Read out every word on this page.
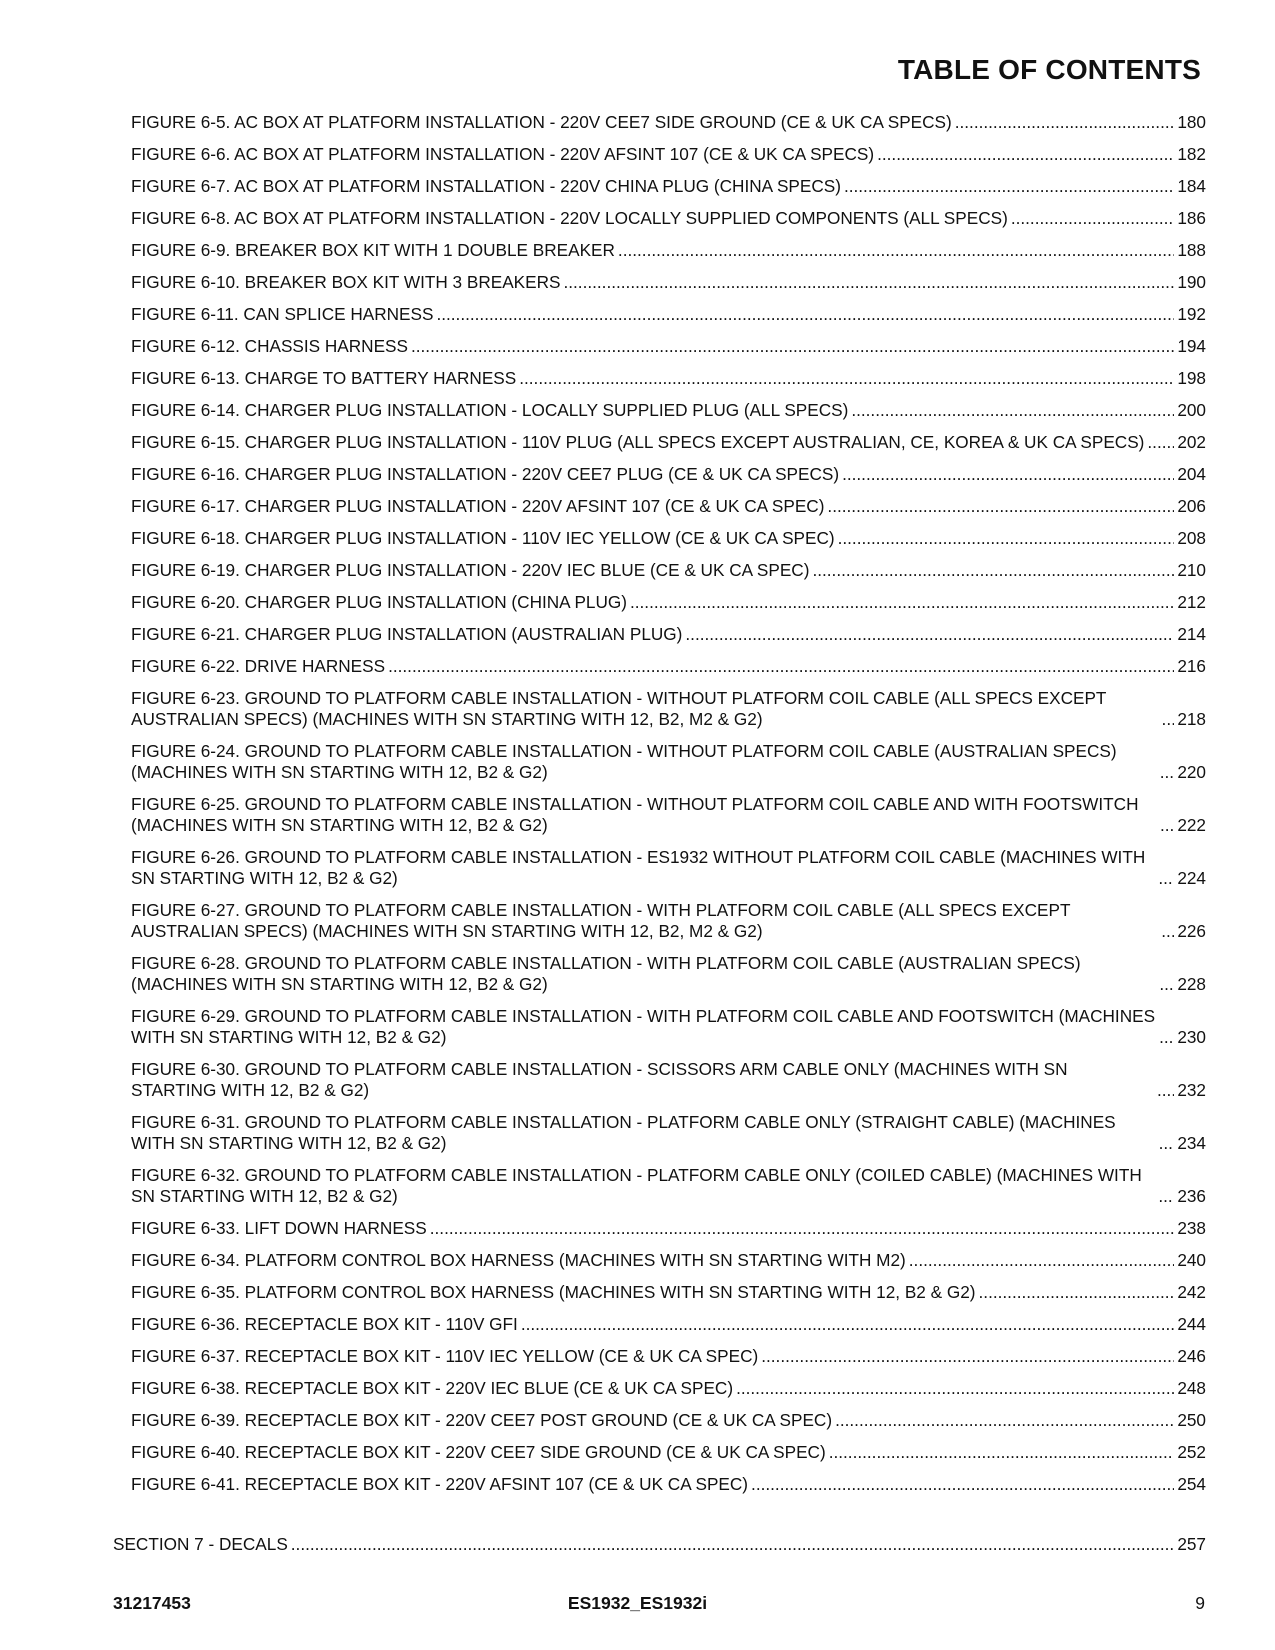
TABLE OF CONTENTS
FIGURE 6-5. AC BOX AT PLATFORM INSTALLATION - 220V CEE7 SIDE GROUND (CE & UK CA SPECS) .....	180
FIGURE 6-6. AC BOX AT PLATFORM INSTALLATION - 220V AFSINT 107 (CE & UK CA SPECS) .....	182
FIGURE 6-7. AC BOX AT PLATFORM INSTALLATION - 220V CHINA PLUG (CHINA SPECS) .....	184
FIGURE 6-8. AC BOX AT PLATFORM INSTALLATION - 220V LOCALLY SUPPLIED COMPONENTS (ALL SPECS) .....	186
FIGURE 6-9. BREAKER BOX KIT WITH 1 DOUBLE BREAKER .....	188
FIGURE 6-10. BREAKER BOX KIT WITH 3 BREAKERS .....	190
FIGURE 6-11. CAN SPLICE HARNESS .....	192
FIGURE 6-12. CHASSIS HARNESS .....	194
FIGURE 6-13. CHARGE TO BATTERY HARNESS .....	198
FIGURE 6-14. CHARGER PLUG INSTALLATION - LOCALLY SUPPLIED PLUG (ALL SPECS) .....	200
FIGURE 6-15. CHARGER PLUG INSTALLATION - 110V PLUG (ALL SPECS EXCEPT AUSTRALIAN, CE, KOREA & UK CA SPECS) ..... 202
FIGURE 6-16. CHARGER PLUG INSTALLATION - 220V CEE7 PLUG (CE & UK CA SPECS) .....	204
FIGURE 6-17. CHARGER PLUG INSTALLATION - 220V AFSINT 107 (CE & UK CA SPEC) .....	206
FIGURE 6-18. CHARGER PLUG INSTALLATION - 110V IEC YELLOW (CE & UK CA SPEC) .....	208
FIGURE 6-19. CHARGER PLUG INSTALLATION - 220V IEC BLUE (CE & UK CA SPEC) .....	210
FIGURE 6-20. CHARGER PLUG INSTALLATION (CHINA PLUG) .....	212
FIGURE 6-21. CHARGER PLUG INSTALLATION (AUSTRALIAN PLUG) .....	214
FIGURE 6-22. DRIVE HARNESS .....	216
FIGURE 6-23. GROUND TO PLATFORM CABLE INSTALLATION - WITHOUT PLATFORM COIL CABLE (ALL SPECS EXCEPT AUSTRALIAN SPECS) (MACHINES WITH SN STARTING WITH 12, B2, M2 & G2) .....	218
FIGURE 6-24. GROUND TO PLATFORM CABLE INSTALLATION - WITHOUT PLATFORM COIL CABLE (AUSTRALIAN SPECS) (MACHINES WITH SN STARTING WITH 12, B2 & G2) .....	220
FIGURE 6-25. GROUND TO PLATFORM CABLE INSTALLATION - WITHOUT PLATFORM COIL CABLE AND WITH FOOTSWITCH (MACHINES WITH SN STARTING WITH 12, B2 & G2) .....	222
FIGURE 6-26. GROUND TO PLATFORM CABLE INSTALLATION - ES1932 WITHOUT PLATFORM COIL CABLE (MACHINES WITH SN STARTING WITH 12, B2 & G2) .....	224
FIGURE 6-27. GROUND TO PLATFORM CABLE INSTALLATION - WITH PLATFORM COIL CABLE (ALL SPECS EXCEPT AUSTRALIAN SPECS) (MACHINES WITH SN STARTING WITH 12, B2, M2 & G2) .....	226
FIGURE 6-28. GROUND TO PLATFORM CABLE INSTALLATION - WITH PLATFORM COIL CABLE (AUSTRALIAN SPECS) (MACHINES WITH SN STARTING WITH 12, B2 & G2) .....	228
FIGURE 6-29. GROUND TO PLATFORM CABLE INSTALLATION - WITH PLATFORM COIL CABLE AND FOOTSWITCH (MACHINES WITH SN STARTING WITH 12, B2 & G2) .....	230
FIGURE 6-30. GROUND TO PLATFORM CABLE INSTALLATION - SCISSORS ARM CABLE ONLY (MACHINES WITH SN STARTING WITH 12, B2 & G2) .....	232
FIGURE 6-31. GROUND TO PLATFORM CABLE INSTALLATION - PLATFORM CABLE ONLY (STRAIGHT CABLE) (MACHINES WITH SN STARTING WITH 12, B2 & G2) .....	234
FIGURE 6-32. GROUND TO PLATFORM CABLE INSTALLATION - PLATFORM CABLE ONLY (COILED CABLE) (MACHINES WITH SN STARTING WITH 12, B2 & G2) .....	236
FIGURE 6-33. LIFT DOWN HARNESS .....	238
FIGURE 6-34. PLATFORM CONTROL BOX HARNESS (MACHINES WITH SN STARTING WITH M2) .....	240
FIGURE 6-35. PLATFORM CONTROL BOX HARNESS (MACHINES WITH SN STARTING WITH 12, B2 & G2) .....	242
FIGURE 6-36. RECEPTACLE BOX KIT - 110V GFI .....	244
FIGURE 6-37. RECEPTACLE BOX KIT - 110V IEC YELLOW (CE & UK CA SPEC) .....	246
FIGURE 6-38. RECEPTACLE BOX KIT - 220V IEC BLUE (CE & UK CA SPEC) .....	248
FIGURE 6-39. RECEPTACLE BOX KIT - 220V CEE7 POST GROUND (CE & UK CA SPEC) .....	250
FIGURE 6-40. RECEPTACLE BOX KIT - 220V CEE7 SIDE GROUND (CE & UK CA SPEC) .....	252
FIGURE 6-41. RECEPTACLE BOX KIT - 220V AFSINT 107 (CE & UK CA SPEC) .....	254
SECTION 7 - DECALS .....	257
31217453	ES1932_ES1932i	9
